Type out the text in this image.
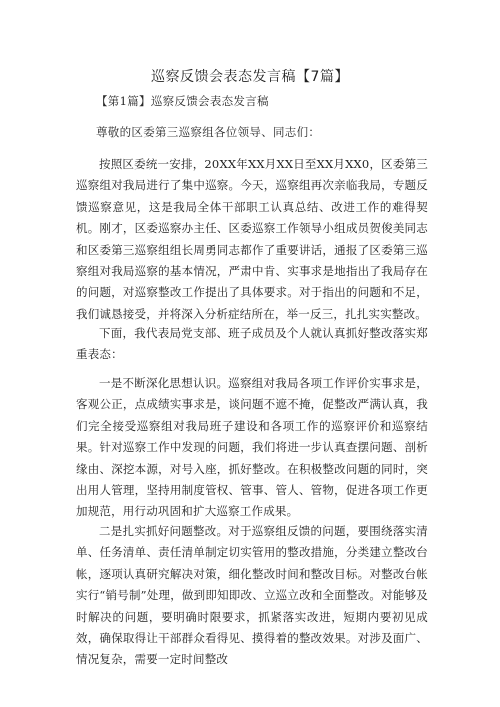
巡察反馈会表态发言稿【7篇】
【第1篇】巡察反馈会表态发言稿
尊敬的区委第三巡察组各位领导、同志们：
按照区委统一安排，20XX年XX月XX日至XX月XX0，区委第三巡察组对我局进行了集中巡察。今天，巡察组再次亲临我局，专题反馈巡察意见，这是我局全体干部职工认真总结、改进工作的难得契机。刚才，区委巡察办主任、区委巡察工作领导小组成员贺俊美同志和区委第三巡察组组长周勇同志都作了重要讲话，通报了区委第三巡察组对我局巡察的基本情况，严肃中肯、实事求是地指出了我局存在的问题，对巡察整改工作提出了具体要求。对于指出的问题和不足，我们诚恳接受，并将深入分析症结所在，举一反三，扎扎实实整改。
下面，我代表局党支部、班子成员及个人就认真抓好整改落实郑重表态：
一是不断深化思想认识。巡察组对我局各项工作评价实事求是，客观公正，点成绩实事求是，谈问题不遮不掩，促整改严满认真，我们完全接受巡察组对我局班子建设和各项工作的巡察评价和巡察结果。针对巡察工作中发现的问题，我们将进一步认真查摆问题、剖析缘由、深挖本源，对号入座，抓好整改。在积极整改问题的同时，突出用人管理，坚持用制度管权、管事、管人、管物，促进各项工作更加规范，用行动巩固和扩大巡察工作成果。
二是扎实抓好问题整改。对于巡察组反馈的问题，要围绕落实清单、任务清单、责任清单制定切实管用的整改措施，分类建立整改台帐，逐项认真研究解决对策，细化整改时间和整改目标。对整改台帐实行“销号制”处理，做到即知即改、立巡立改和全面整改。对能够及时解决的问题，要明确时限要求，抓紧落实改进，短期内要初见成效，确保取得让干部群众看得见、摸得着的整改效果。对涉及面广、情况复杂，需要一定时间整改
